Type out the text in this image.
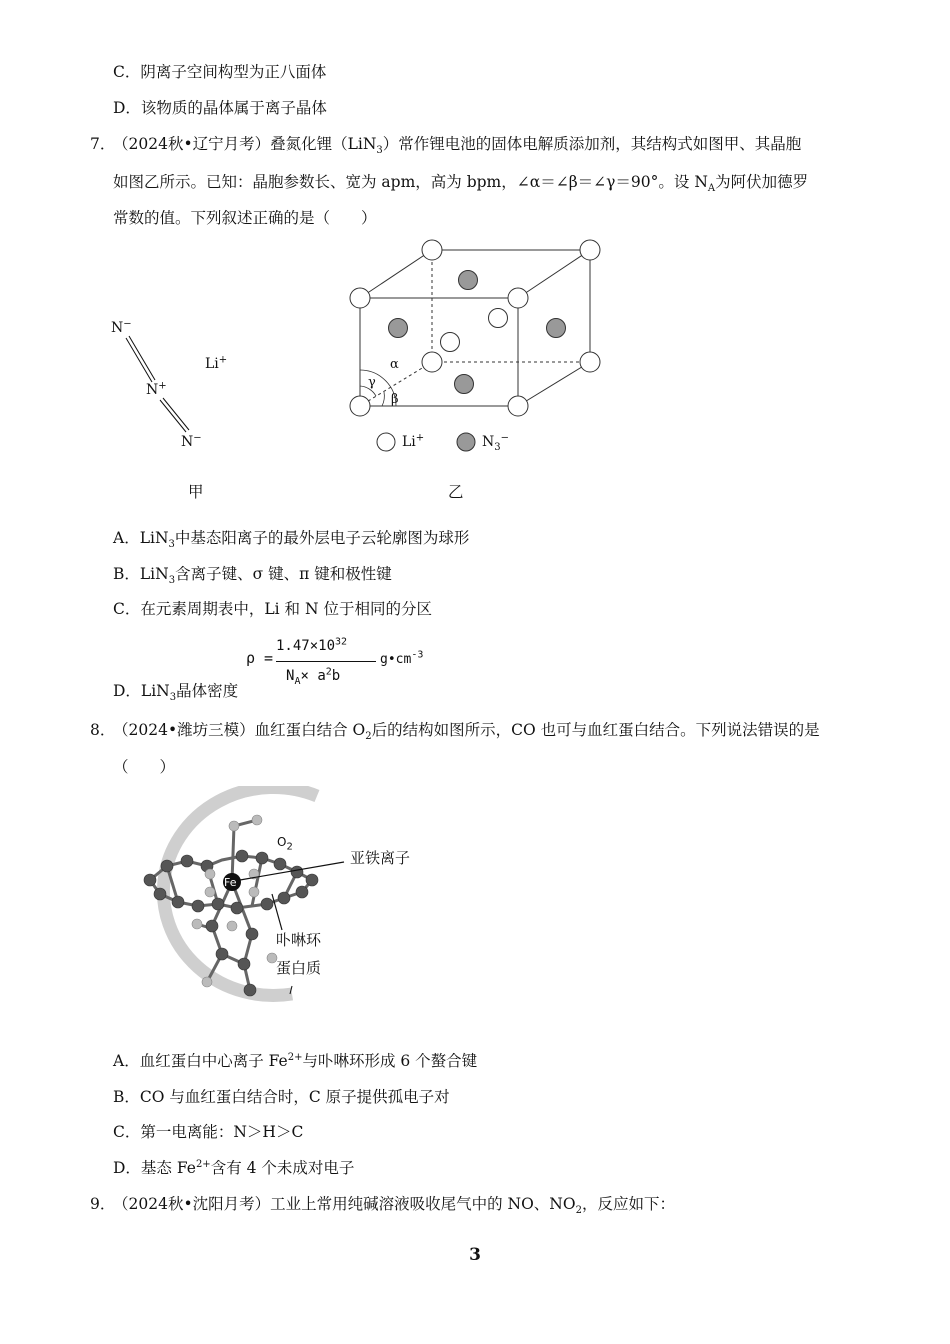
C．阴离子空间构型为正八面体
D．该物质的晶体属于离子晶体
7．
（2024秋•辽宁月考）叠氮化锂（LiN$_3$）常作锂电池的固体电解质添加剂，其结构式如图甲、其晶胞
如图乙所示。已知：晶胞参数长、宽为 apm，高为 bpm，∠α＝∠β＝∠γ＝90°。设 $N_A$为阿伏加德罗
常数的值。下列叙述正确的是（　　）
N−
N+
N−
Li+
甲
α
γ
β
Li+	$N_3^-$
乙
A．LiN$_3$中基态阳离子的最外层电子云轮廓图为球形
B．LiN$_3$含离子键、σ 键、π 键和极性键
C．在元素周期表中，Li 和 N 位于相同的分区
ρ =
$1.47\times 10^{32}$
$N_A\times a^2b$
$g•cm^{-3}$
D．LiN$_3$晶体密度
8．
（2024•潍坊三模）血红蛋白结合 $O_2$后的结构如图所示，CO 也可与血红蛋白结合。下列说法错误的是
（　　）
$O_2$
Fe
亚铁离子
卟啉环
蛋白质
A．血红蛋白中心离子 $Fe^{2+}$与卟啉环形成 6 个螯合键
B．CO 与血红蛋白结合时，C 原子提供孤电子对
C．第一电离能：N＞H＞C
D．基态 $Fe^{2+}$含有 4 个未成对电子
9．
（2024秋•沈阳月考）工业上常用纯碱溶液吸收尾气中的 NO、$NO_2$，反应如下：
3
